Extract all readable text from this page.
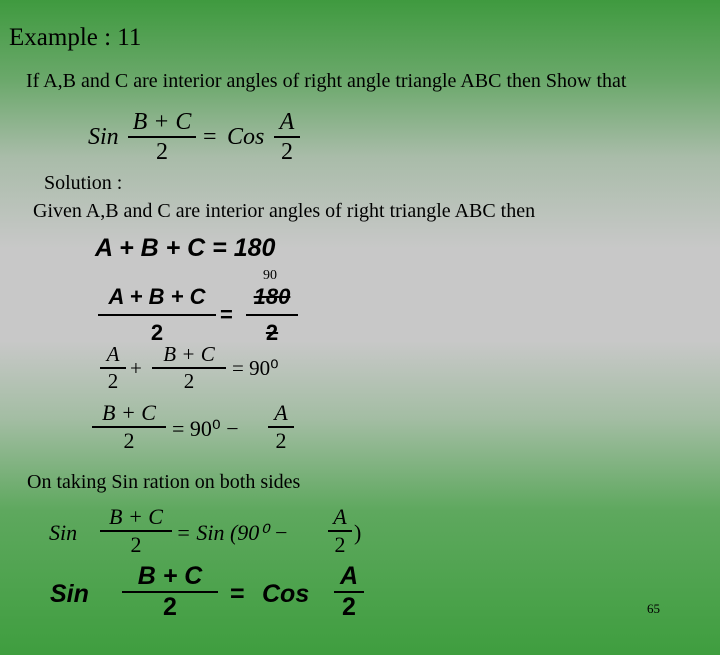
Example : 11
If A,B and C are interior angles of right angle triangle ABC then Show that
Sin
B + C
2
= Cos
A
2
Solution :
Given A,B and C are interior angles of right triangle ABC then
A + B + C = 180
90
A + B + C
2
=
180
2
A
2
+
B + C
2
= 90⁰
B + C
2 = 90⁰ −
A
2
On taking Sin ration on both sides
Sin
B + C
2 = Sin (90⁰ −
A
2 )
Sin
B + C
2 = Cos
A
2	65
